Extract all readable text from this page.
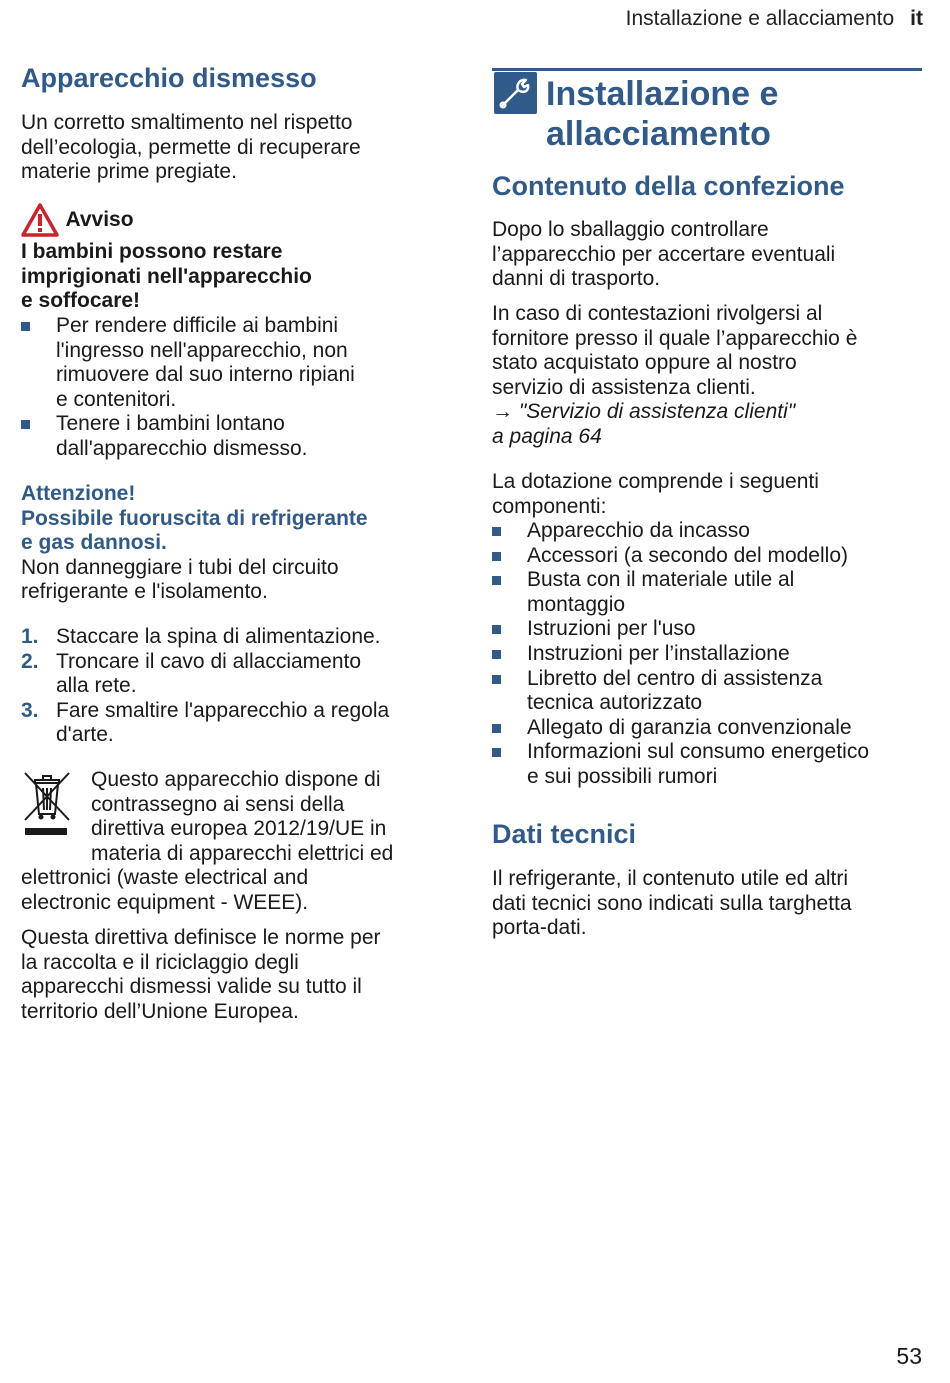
Installazione e allacciamento it
Apparecchio dismesso

Un corretto smaltimento nel rispetto

dell’ecologia, permette di recuperare

materie prime pregiate.

Avviso

I bambini possono restare

imprigionati nell'apparecchio

e soffocare!

Per rendere difficile ai bambini
l'ingresso nell'apparecchio, non
rimuovere dal suo interno ripiani
e contenitori.
Tenere i bambini lontano
dall'apparecchio dismesso.

Attenzione!

Possibile fuoruscita di refrigerante

e gas dannosi.

Non danneggiare i tubi del circuito

refrigerante e l'isolamento.

1. Staccare la spina di alimentazione.
2. Troncare il cavo di allacciamento
alla rete.
3. Fare smaltire l'apparecchio a regola
d'arte.

Questo apparecchio dispone di

contrassegno ai sensi della

direttiva europea 2012/19/UE in

materia di apparecchi elettrici ed

elettronici (waste electrical and

electronic equipment - WEEE).

Questa direttiva definisce le norme per

la raccolta e il riciclaggio degli

apparecchi dismessi valide su tutto il

territorio dell’Unione Europea.

Installazione e
allacciamento
Contenuto della confezione

Dopo lo sballaggio controllare

l’apparecchio per accertare eventuali

danni di trasporto.

In caso di contestazioni rivolgersi al

fornitore presso il quale l’apparecchio è

stato acquistato oppure al nostro

servizio di assistenza clienti.

→ "Servizio di assistenza clienti"

a pagina 64

La dotazione comprende i seguenti

componenti:

Apparecchio da incasso
Accessori (a secondo del modello)
Busta con il materiale utile al
montaggio
Istruzioni per l'uso
Instruzioni per l’installazione
Libretto del centro di assistenza
tecnica autorizzato
Allegato di garanzia convenzionale
Informazioni sul consumo energetico
e sui possibili rumori
Dati tecnici

Il refrigerante, il contenuto utile ed altri

dati tecnici sono indicati sulla targhetta

porta-dati.

53
